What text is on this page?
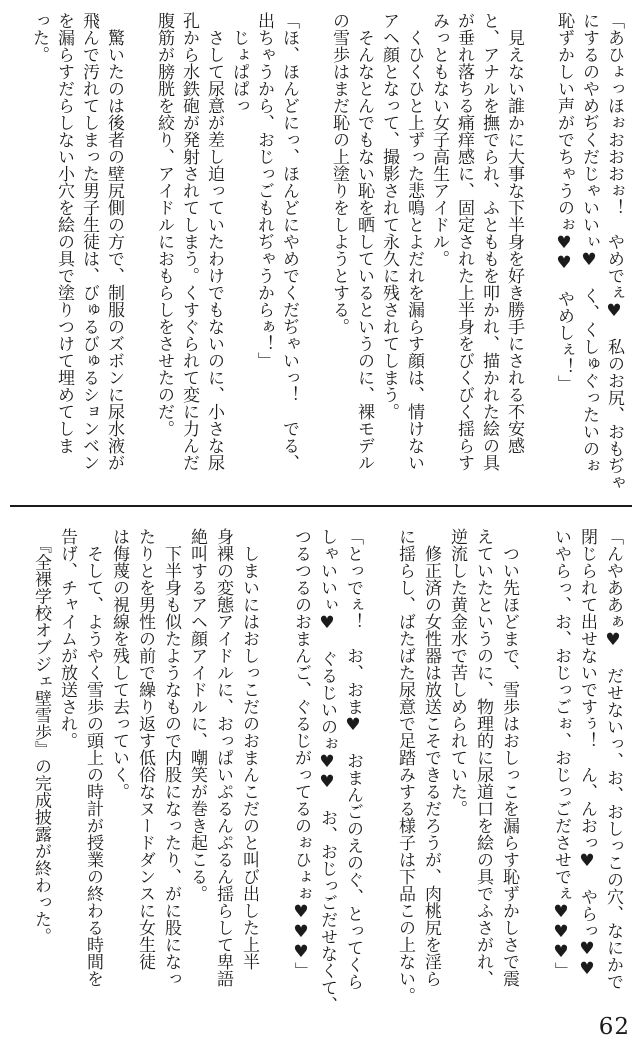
「あひょっほぉおおおぉ！　やめでぇ♥　私のお尻、おもぢゃ
にするのやめぢくだじゃいいぃ♥　く、くしゅぐったいのぉ
恥ずかしい声がでちゃうのぉ♥♥　やめしぇ！」
　見えない誰かに大事な下半身を好き勝手にされる不安感
と、アナルを撫でられ、ふとももを叩かれ、描かれた絵の具
が垂れ落ちる痛痒感に、固定された上半身をびくびく揺らす
みっともない女子高生アイドル。
　くひくひと上ずった悲鳴とよだれを漏らす顔は、情けない
アヘ顔となって、撮影されて永久に残されてしまう。
　そんなとんでもない恥を晒しているというのに、裸モデル
の雪歩はまだ恥の上塗りをしようとする。
「ほ、ほんどにっ、ほんどにやめでくだぢゃいっ！　でる、
出ちゃうから、おじっごもれぢゃうからぁ！」
　じょぱぱっ
　さして尿意が差し迫っていたわけでもないのに、小さな尿
孔から水鉄砲が発射されてしまう。くすぐられて変に力んだ
腹筋が膀胱を絞り、アイドルにおもらしをさせたのだ。
　驚いたのは後者の壁尻側の方で、制服のズボンに尿水液が
飛んで汚れてしまった男子生徒は、びゅるびゅるションベン
を漏らすだらしない小穴を絵の具で塗りつけて埋めてしま
った。
「んやああぁ♥　だせないっ、お、おしっこの穴、なにかで
閉じられて出せないですぅ！　ん、んおっ♥　やらっ♥♥
いやらっ、お、おじっごぉ、おじっごださせでぇ♥♥♥」
　つい先ほどまで、雪歩はおしっこを漏らす恥ずかしさで震
えていたというのに、物理的に尿道口を絵の具でふさがれ、
逆流した黄金水で苦しめられていた。
　修正済の女性器は放送こそできるだろうが、肉桃尻を淫ら
に揺らし、ばたばた尿意で足踏みする様子は下品この上ない。
「とっでぇ！　お、おま♥　おまんごのえのぐ、とってくら
しゃいいぃ♥　ぐるじいのぉ♥♥　お、おじっごだせなくて、
つるつるのおまんご、ぐるじがってるのぉひょぉ♥♥♥」
　しまいにはおしっこだのおまんこだのと叫び出した上半
身裸の変態アイドルに、おっぱいぷるんぷるん揺らして卑語
絶叫するアヘ顔アイドルに、嘲笑が巻き起こる。
　下半身も似たようなもので内股になったり、がに股になっ
たりとを男性の前で繰り返す低俗なヌードダンスに女生徒
は侮蔑の視線を残して去っていく。
　そして、ようやく雪歩の頭上の時計が授業の終わる時間を
告げ、チャイムが放送され。
　『全裸学校オブジェ壁雪歩』の完成披露が終わった。
62
